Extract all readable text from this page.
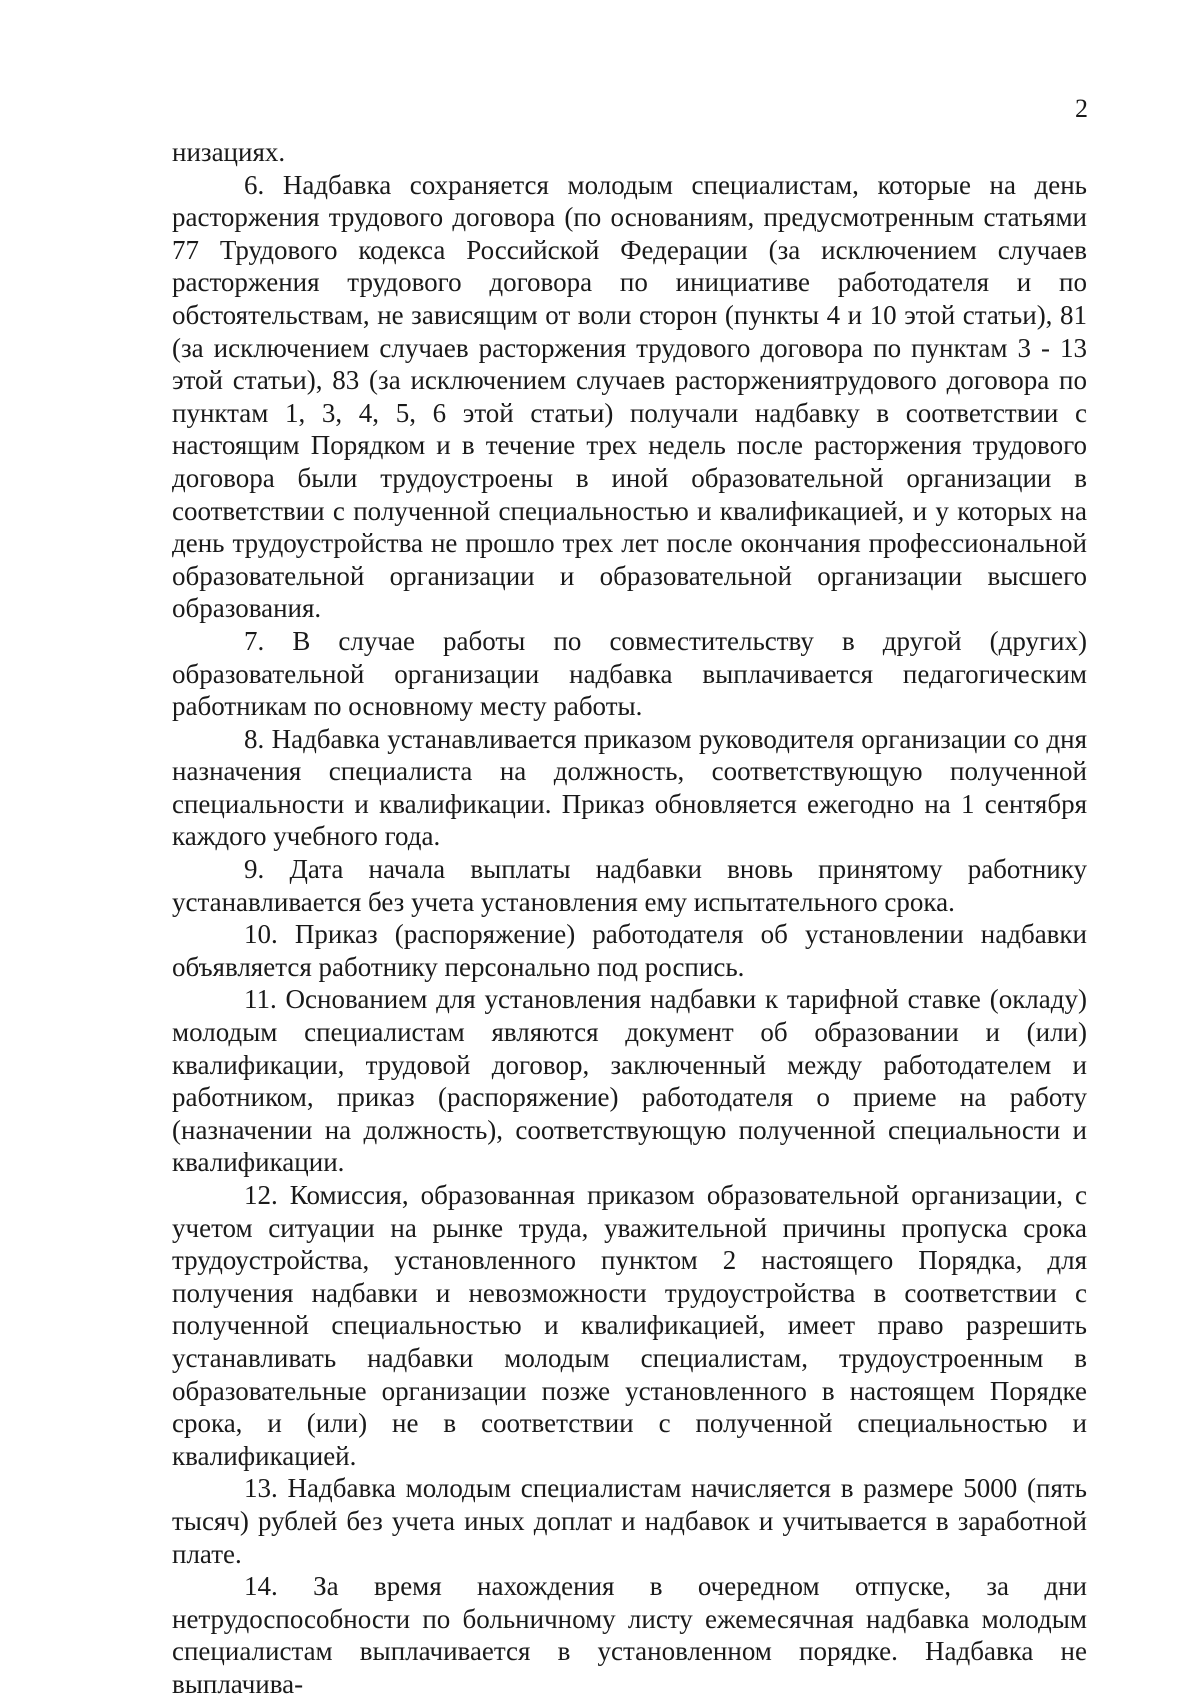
2

низациях.

6. Надбавка сохраняется молодым специалистам, которые на день расторжения трудового договора (по основаниям, предусмотренным статьями 77 Трудового кодекса Российской Федерации (за исключением случаев расторжения трудового договора по инициативе работодателя и по обстоятельствам, не зависящим от воли сторон (пункты 4 и 10 этой статьи), 81 (за исключением случаев расторжения трудового договора по пунктам 3 - 13 этой статьи), 83 (за исключением случаев расторжениятрудового договора по пунктам 1, 3, 4, 5, 6 этой статьи) получали надбавку в соответствии с настоящим Порядком и в течение трех недель после расторжения трудового договора были трудоустроены в иной образовательной организации в соответствии с полученной специальностью и квалификацией, и у которых на день трудоустройства не прошло трех лет после окончания профессиональной образовательной организации и образовательной организации высшего образования.

7. В случае работы по совместительству в другой (других) образовательной организации надбавка выплачивается педагогическим работникам по основному месту работы.

8. Надбавка устанавливается приказом руководителя организации со дня назначения специалиста на должность, соответствующую полученной специальности и квалификации. Приказ обновляется ежегодно на 1 сентября каждого учебного года.

9. Дата начала выплаты надбавки вновь принятому работнику устанавливается без учета установления ему испытательного срока.

10. Приказ (распоряжение) работодателя об установлении надбавки объявляется работнику персонально под роспись.

11. Основанием для установления надбавки к тарифной ставке (окладу) молодым специалистам являются документ об образовании и (или) квалификации, трудовой договор, заключенный между работодателем и работником, приказ (распоряжение) работодателя о приеме на работу (назначении на должность), соответствующую полученной специальности и квалификации.

12. Комиссия, образованная приказом образовательной организации, с учетом ситуации на рынке труда, уважительной причины пропуска срока трудоустройства, установленного пунктом 2 настоящего Порядка, для получения надбавки и невозможности трудоустройства в соответствии с полученной специальностью и квалификацией, имеет право разрешить устанавливать надбавки молодым специалистам, трудоустроенным в образовательные организации позже установленного в настоящем Порядке срока, и (или) не в соответствии с полученной специальностью и квалификацией.

13. Надбавка молодым специалистам начисляется в размере 5000 (пять тысяч) рублей без учета иных доплат и надбавок и учитывается в заработной плате.

14. За время нахождения в очередном отпуске, за дни нетрудоспособности по больничному листу ежемесячная надбавка молодым специалистам выплачивается в установленном порядке. Надбавка не выплачива-
